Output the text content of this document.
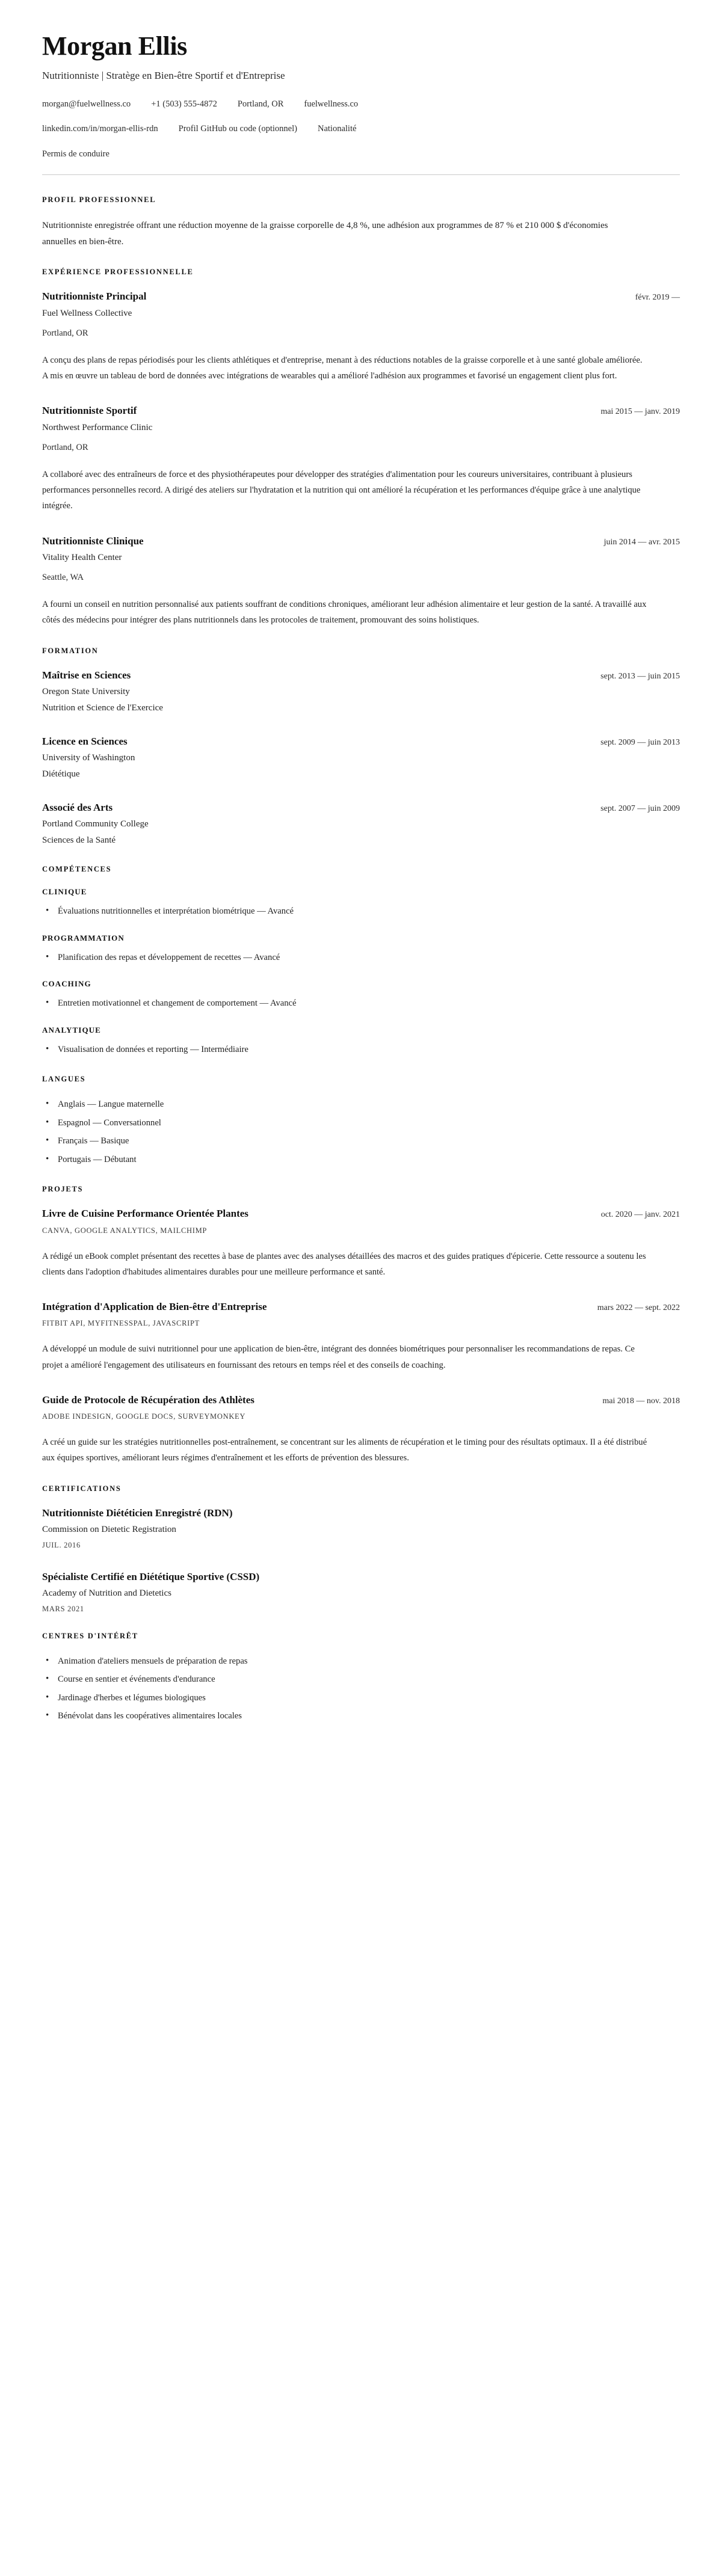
Morgan Ellis

Nutritionniste | Stratège en Bien-être Sportif et d'Entreprise

morgan@fuelwellness.co +1 (503) 555-4872 Portland, OR fuelwellness.co
linkedin.com/in/morgan-ellis-rdn Profil GitHub ou code (optionnel) Nationalité
Permis de conduire
PROFIL PROFESSIONNEL

Nutritionniste enregistrée offrant une réduction moyenne de la graisse corporelle de 4,8 %, une adhésion aux programmes de 87 % et 210 000 $ d'économies annuelles en bien-être.

EXPÉRIENCE PROFESSIONNELLE
Nutritionniste Principal	févr. 2019 —

Fuel Wellness Collective

Portland, OR

A conçu des plans de repas périodisés pour les clients athlétiques et d'entreprise, menant à des réductions notables de la graisse corporelle et à une santé globale améliorée. A mis en œuvre un tableau de bord de données avec intégrations de wearables qui a amélioré l'adhésion aux programmes et favorisé un engagement client plus fort.

Nutritionniste Sportif	mai 2015 — janv. 2019

Northwest Performance Clinic

Portland, OR

A collaboré avec des entraîneurs de force et des physiothérapeutes pour développer des stratégies d'alimentation pour les coureurs universitaires, contribuant à plusieurs performances personnelles record. A dirigé des ateliers sur l'hydratation et la nutrition qui ont amélioré la récupération et les performances d'équipe grâce à une analytique intégrée.

Nutritionniste Clinique	juin 2014 — avr. 2015

Vitality Health Center

Seattle, WA

A fourni un conseil en nutrition personnalisé aux patients souffrant de conditions chroniques, améliorant leur adhésion alimentaire et leur gestion de la santé. A travaillé aux côtés des médecins pour intégrer des plans nutritionnels dans les protocoles de traitement, promouvant des soins holistiques.

FORMATION
Maîtrise en Sciences	sept. 2013 — juin 2015

Oregon State University

Nutrition et Science de l'Exercice

Licence en Sciences	sept. 2009 — juin 2013

University of Washington

Diététique

Associé des Arts	sept. 2007 — juin 2009

Portland Community College

Sciences de la Santé

COMPÉTENCES
CLINIQUE
• Évaluations nutritionnelles et interprétation biométrique — Avancé
PROGRAMMATION
• Planification des repas et développement de recettes — Avancé
COACHING
• Entretien motivationnel et changement de comportement — Avancé
ANALYTIQUE
• Visualisation de données et reporting — Intermédiaire
LANGUES
• Anglais — Langue maternelle
• Espagnol — Conversationnel
• Français — Basique
• Portugais — Débutant
PROJETS
Livre de Cuisine Performance Orientée Plantes	oct. 2020 — janv. 2021

CANVA, GOOGLE ANALYTICS, MAILCHIMP

A rédigé un eBook complet présentant des recettes à base de plantes avec des analyses détaillées des macros et des guides pratiques d'épicerie. Cette ressource a soutenu les clients dans l'adoption d'habitudes alimentaires durables pour une meilleure performance et santé.

Intégration d'Application de Bien-être d'Entreprise	mars 2022 — sept. 2022

FITBIT API, MYFITNESSPAL, JAVASCRIPT

A développé un module de suivi nutritionnel pour une application de bien-être, intégrant des données biométriques pour personnaliser les recommandations de repas. Ce projet a amélioré l'engagement des utilisateurs en fournissant des retours en temps réel et des conseils de coaching.

Guide de Protocole de Récupération des Athlètes	mai 2018 — nov. 2018

ADOBE INDESIGN, GOOGLE DOCS, SURVEYMONKEY

A créé un guide sur les stratégies nutritionnelles post-entraînement, se concentrant sur les aliments de récupération et le timing pour des résultats optimaux. Il a été distribué aux équipes sportives, améliorant leurs régimes d'entraînement et les efforts de prévention des blessures.

CERTIFICATIONS
Nutritionniste Diététicien Enregistré (RDN)

Commission on Dietetic Registration

JUIL. 2016

Spécialiste Certifié en Diététique Sportive (CSSD)

Academy of Nutrition and Dietetics

MARS 2021

CENTRES D'INTÉRÊT
• Animation d'ateliers mensuels de préparation de repas
• Course en sentier et événements d'endurance
• Jardinage d'herbes et légumes biologiques
• Bénévolat dans les coopératives alimentaires locales
